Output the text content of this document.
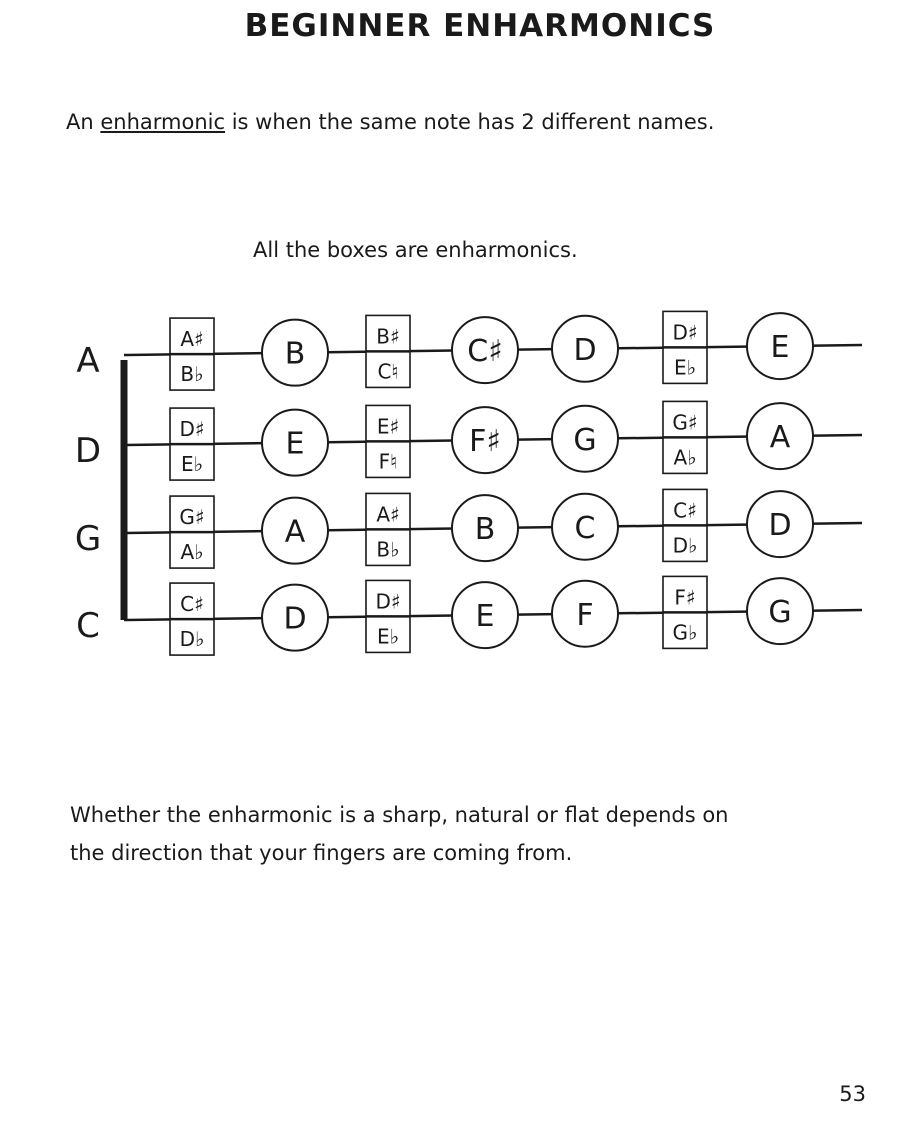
BEGINNER ENHARMONICS
An enharmonic is when the same note has 2 different names.
All the boxes are enharmonics.
A
A♯
B♭
B
B♯
C♮
C♯ D
D♯
E♭
E
D
D♯
E♭
E
E♯
F♮
F♯ G
G♯
A♭
A
G
G♯
A♭
A
A♯
B♭
B	C
C♯
D♭
D
C
C♯
D♭
D
D♯
E♭
E	F
F♯
G♭
G
Whether the enharmonic is a sharp, natural or flat depends on
the direction that your fingers are coming from.
53
